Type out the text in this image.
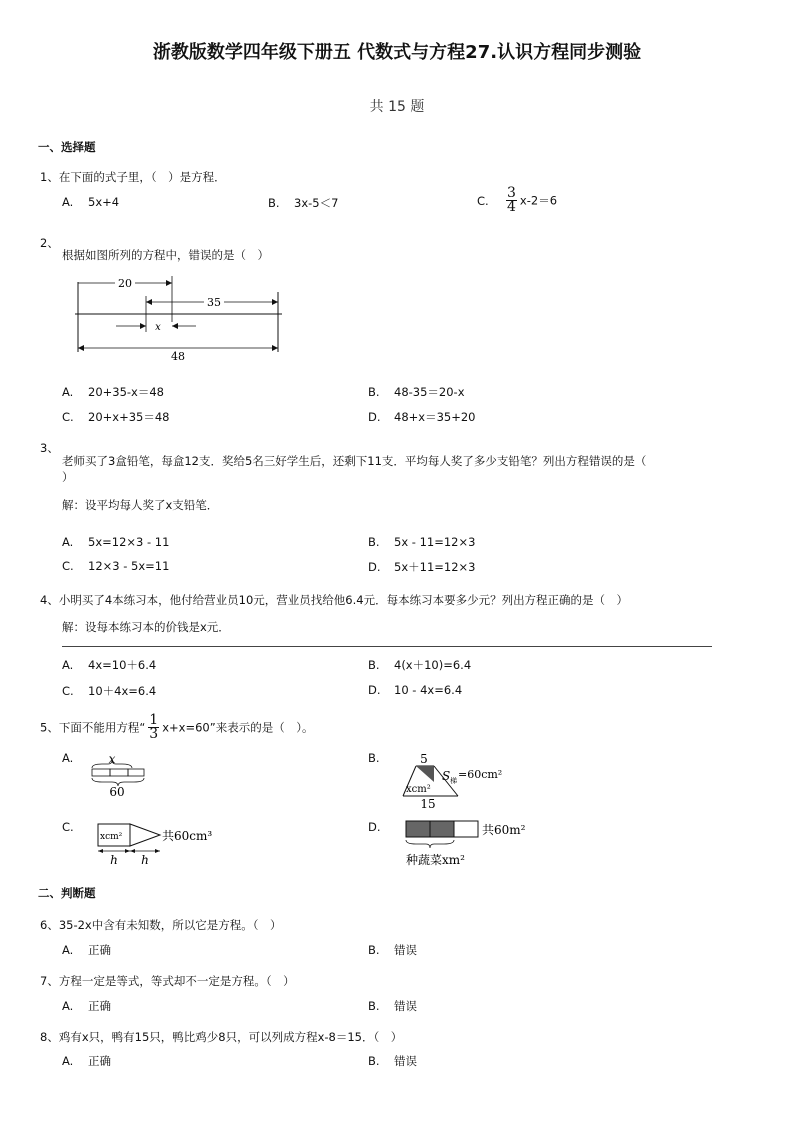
浙教版数学四年级下册五 代数式与方程27.认识方程同步测验
共 15 题
一、选择题
1、在下面的式子里，（　）是方程．
A. 5x+4	B. 3x-5＜7	C. $\frac{3}{4} x-2=6$
2、
根据如图所列的方程中，错误的是（　）
20
35
x
48
A. 20+35-x＝48	B. 48-35＝20-x
C. 20+x+35＝48	D. 48+x＝35+20
3、
老师买了3盒铅笔，每盒12支．奖给5名三好学生后，还剩下11支．平均每人奖了多少支铅笔？列出方程错误的是（
）
解：设平均每人奖了x支铅笔．
A. 5x=12×3 - 11	B. 5x - 11=12×3
C. 12×3 - 5x=11	D. 5x＋11=12×3
4、小明买了4本练习本，他付给营业员10元，营业员找给他6.4元．每本练习本要多少元？列出方程正确的是（　）
解：设每本练习本的价钱是x元．
A. 4x=10＋6.4	B. 4(x＋10)=6.4
C. 10＋4x=6.4	D. 10 - 4x=6.4
5、下面不能用方程“ $\frac{1}{3} x+x=60$”来表示的是（　）。
A.	x
60
B.	5
xcm²
S 梯 =60cm²
15
C.
xcm²	共60cm³
h h
D.	共60m²
种蔬菜xm²
二、判断题
6、35-2x中含有未知数，所以它是方程。（　）
A. 正确	B. 错误
7、方程一定是等式，等式却不一定是方程。（　）
A. 正确	B. 错误
8、鸡有x只，鸭有15只，鸭比鸡少8只，可以列成方程x-8＝15．（　）
A. 正确	B. 错误
